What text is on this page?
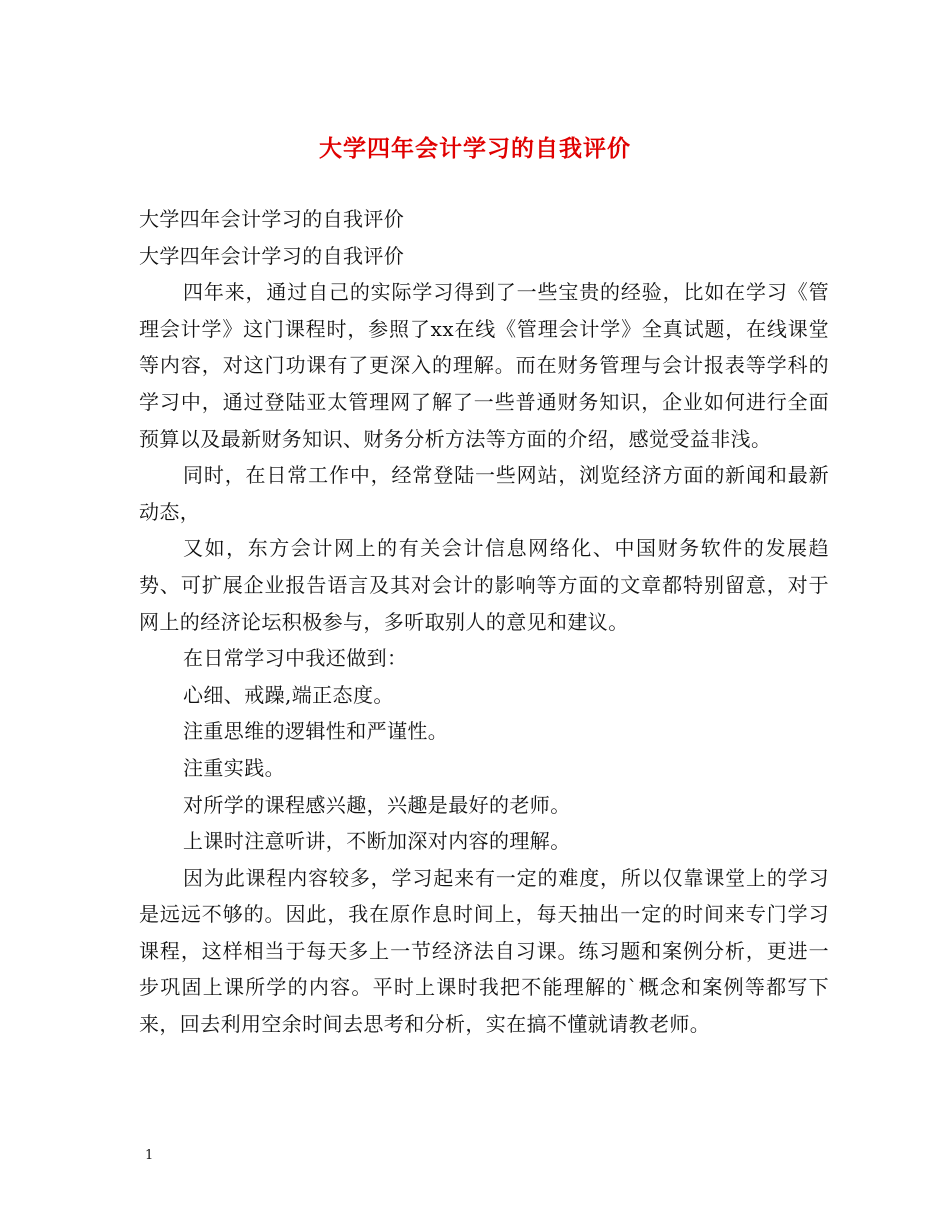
大学四年会计学习的自我评价

大学四年会计学习的自我评价

大学四年会计学习的自我评价

四年来，通过自己的实际学习得到了一些宝贵的经验，比如在学习《管理会计学》这门课程时，参照了xx在线《管理会计学》全真试题，在线课堂等内容，对这门功课有了更深入的理解。而在财务管理与会计报表等学科的学习中，通过登陆亚太管理网了解了一些普通财务知识，企业如何进行全面预算以及最新财务知识、财务分析方法等方面的介绍，感觉受益非浅。

同时，在日常工作中，经常登陆一些网站，浏览经济方面的新闻和最新动态，

又如，东方会计网上的有关会计信息网络化、中国财务软件的发展趋势、可扩展企业报告语言及其对会计的影响等方面的文章都特别留意，对于网上的经济论坛积极参与，多听取别人的意见和建议。

在日常学习中我还做到：

心细、戒躁,端正态度。

注重思维的逻辑性和严谨性。

注重实践。

对所学的课程感兴趣，兴趣是最好的老师。

上课时注意听讲，不断加深对内容的理解。

因为此课程内容较多，学习起来有一定的难度，所以仅靠课堂上的学习是远远不够的。因此，我在原作息时间上，每天抽出一定的时间来专门学习课程，这样相当于每天多上一节经济法自习课。练习题和案例分析，更进一步巩固上课所学的内容。平时上课时我把不能理解的`概念和案例等都写下来，回去利用空余时间去思考和分析，实在搞不懂就请教老师。

1
